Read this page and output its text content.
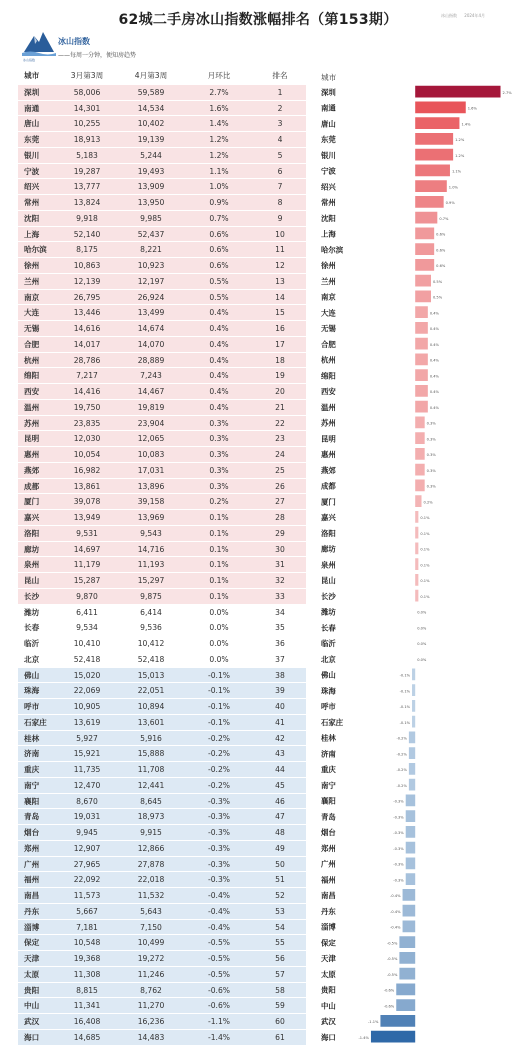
62城二手房冰山指数涨幅排名（第153期）	冰山指数 2024年4月
冰山指数
冰山指数
——每周一分钟，便知房趋势
城市	3月第3周	4月第3周	月环比	排名
深圳	58,006	59,589	2.7%	1
南通	14,301	14,534	1.6%	2
唐山	10,255	10,402	1.4%	3
东莞	18,913	19,139	1.2%	4
银川	5,183	5,244	1.2%	5
宁波	19,287	19,493	1.1%	6
绍兴	13,777	13,909	1.0%	7
常州	13,824	13,950	0.9%	8
沈阳	9,918	9,985	0.7%	9
上海	52,140	52,437	0.6%	10
哈尔滨	8,175	8,221	0.6%	11
徐州	10,863	10,923	0.6%	12
兰州	12,139	12,197	0.5%	13
南京	26,795	26,924	0.5%	14
大连	13,446	13,499	0.4%	15
无锡	14,616	14,674	0.4%	16
合肥	14,017	14,070	0.4%	17
杭州	28,786	28,889	0.4%	18
绵阳	7,217	7,243	0.4%	19
西安	14,416	14,467	0.4%	20
温州	19,750	19,819	0.4%	21
苏州	23,835	23,904	0.3%	22
昆明	12,030	12,065	0.3%	23
惠州	10,054	10,083	0.3%	24
燕郊	16,982	17,031	0.3%	25
成都	13,861	13,896	0.3%	26
厦门	39,078	39,158	0.2%	27
嘉兴	13,949	13,969	0.1%	28
洛阳	9,531	9,543	0.1%	29
廊坊	14,697	14,716	0.1%	30
泉州	11,179	11,193	0.1%	31
昆山	15,287	15,297	0.1%	32
长沙	9,870	9,875	0.1%	33
潍坊	6,411	6,414	0.0%	34
长春	9,534	9,536	0.0%	35
临沂	10,410	10,412	0.0%	36
北京	52,418	52,418	0.0%	37
佛山	15,020	15,013	-0.1%	38
珠海	22,069	22,051	-0.1%	39
呼市	10,905	10,894	-0.1%	40
石家庄	13,619	13,601	-0.1%	41
桂林	5,927	5,916	-0.2%	42
济南	15,921	15,888	-0.2%	43
重庆	11,735	11,708	-0.2%	44
南宁	12,470	12,441	-0.2%	45
襄阳	8,670	8,645	-0.3%	46
青岛	19,031	18,973	-0.3%	47
烟台	9,945	9,915	-0.3%	48
郑州	12,907	12,866	-0.3%	49
广州	27,965	27,878	-0.3%	50
福州	22,092	22,018	-0.3%	51
南昌	11,573	11,532	-0.4%	52
丹东	5,667	5,643	-0.4%	53
淄博	7,181	7,150	-0.4%	54
保定	10,548	10,499	-0.5%	55
天津	19,368	19,272	-0.5%	56
太原	11,308	11,246	-0.5%	57
贵阳	8,815	8,762	-0.6%	58
中山	11,341	11,270	-0.6%	59
武汉	16,408	16,236	-1.1%	60
海口	14,685	14,483	-1.4%	61
城市
深圳	2.7%
南通	1.6%
唐山	1.4%
东莞	1.2%
银川	1.2%
宁波	1.1%
绍兴	1.0%
常州	0.9%
沈阳	0.7%
上海	0.6%
哈尔滨	0.6%
徐州	0.6%
兰州	0.5%
南京	0.5%
大连	0.4%
无锡	0.4%
合肥	0.4%
杭州	0.4%
绵阳	0.4%
西安	0.4%
温州	0.4%
苏州	0.3%
昆明	0.3%
惠州	0.3%
燕郊	0.3%
成都	0.3%
厦门	0.2%
嘉兴	0.1%
洛阳	0.1%
廊坊	0.1%
泉州	0.1%
昆山	0.1%
长沙	0.1%
潍坊	0.0%
长春	0.0%
临沂	0.0%
北京	0.0%
佛山	-0.1%
珠海	-0.1%
呼市	-0.1%
石家庄	-0.1%
桂林	-0.2%
济南	-0.2%
重庆	-0.2%
南宁	-0.2%
襄阳	-0.3%
青岛	-0.3%
烟台	-0.3%
郑州	-0.3%
广州	-0.3%
福州	-0.3%
南昌	-0.4%
丹东	-0.4%
淄博	-0.4%
保定	-0.5%
天津	-0.5%
太原	-0.5%
贵阳	-0.6%
中山	-0.6%
武汉	-1.1%
海口	-1.4%
